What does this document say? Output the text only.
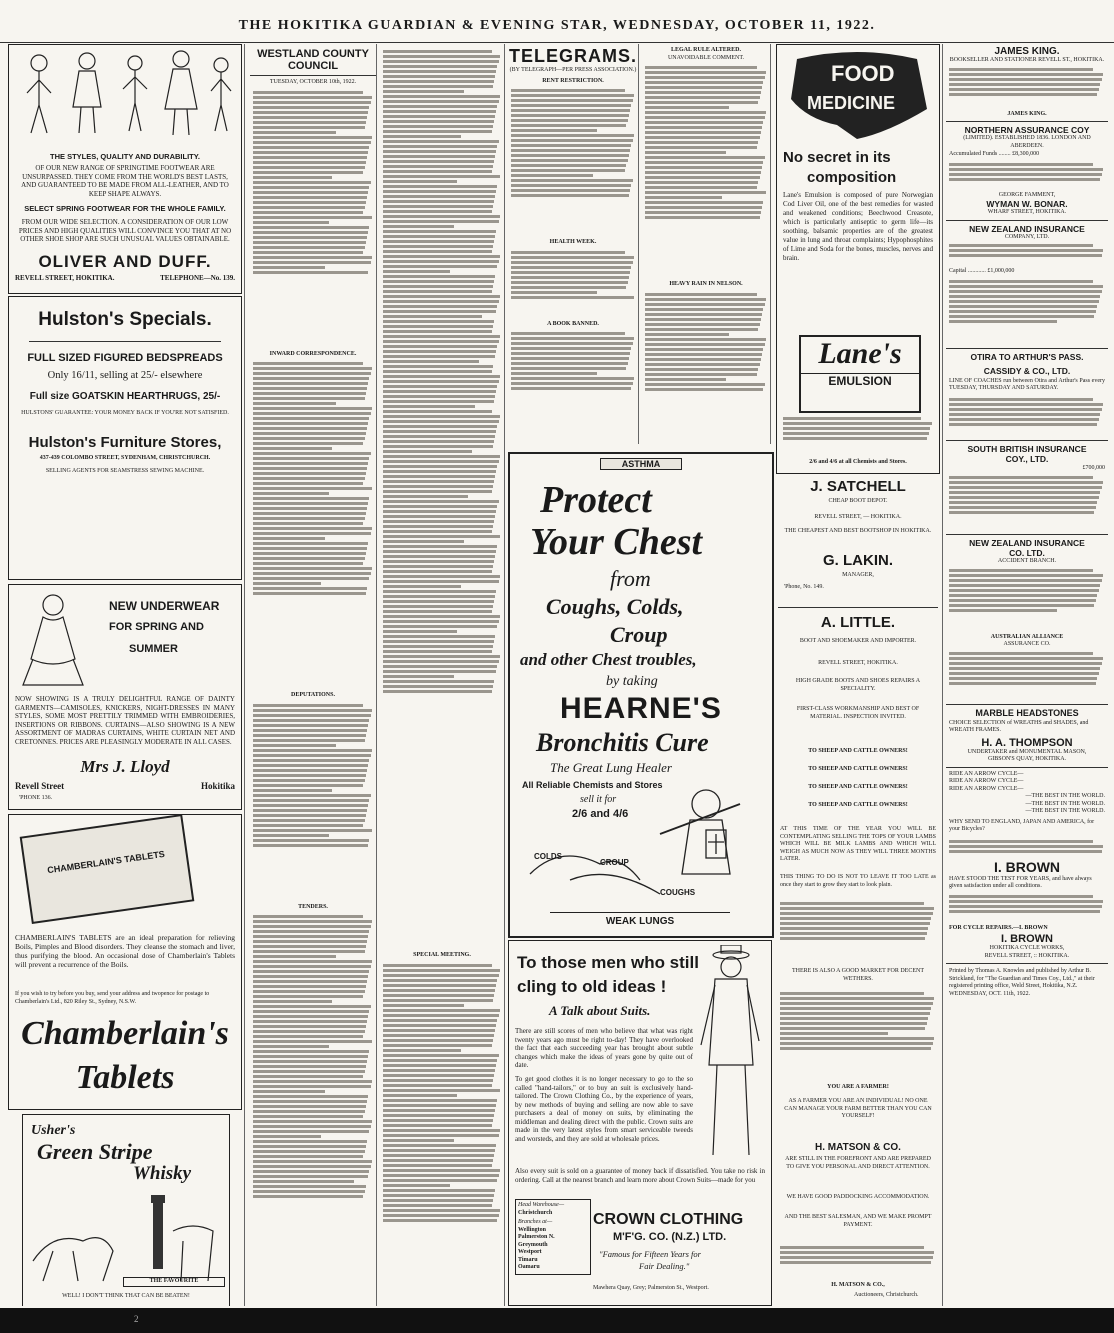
THE HOKITIKA GUARDIAN & EVENING STAR, WEDNESDAY, OCTOBER 11, 1922.
THE STYLES, QUALITY AND DURABILITY.
OF OUR NEW RANGE OF SPRINGTIME FOOTWEAR ARE UNSURPASSED. THEY COME FROM THE WORLD'S BEST LASTS, AND GUARANTEED TO BE MADE FROM ALL-LEATHER, AND TO KEEP SHAPE ALWAYS.
SELECT SPRING FOOTWEAR FOR THE WHOLE FAMILY.
FROM OUR WIDE SELECTION. A CONSIDERATION OF OUR LOW PRICES AND HIGH QUALITIES WILL CONVINCE YOU THAT AT NO OTHER SHOE SHOP ARE SUCH UNUSUAL VALUES OBTAINABLE.
OLIVER AND DUFF.
REVELL STREET, HOKITIKA.	TELEPHONE—No. 139.
Hulston's Specials.
FULL SIZED FIGURED BEDSPREADS
Only 16/11, selling at 25/- elsewhere
Full size GOATSKIN HEARTHRUGS, 25/-
HULSTONS' GUARANTEE: YOUR MONEY BACK IF YOU'RE NOT SATISFIED.
Hulston's Furniture Stores,
437-439 COLOMBO STREET, SYDENHAM, CHRISTCHURCH.
SELLING AGENTS FOR SEAMSTRESS SEWING MACHINE.
NEW UNDERWEAR
FOR SPRING AND
SUMMER
NOW SHOWING IS A TRULY DELIGHTFUL RANGE OF DAINTY GARMENTS—CAMISOLES, KNICKERS, NIGHT-DRESSES IN MANY STYLES, SOME MOST PRETTILY TRIMMED WITH EMBROIDERIES, INSERTIONS OR RIBBONS. CURTAINS—ALSO SHOWING IS A NEW ASSORTMENT OF MADRAS CURTAINS, WHITE CURTAIN NET AND CRETONNES. PRICES ARE PLEASINGLY MODERATE IN ALL CASES.
Mrs J. Lloyd
Revell Street	Hokitika
'PHONE 136.
CHAMBERLAIN'S TABLETS
CHAMBERLAIN'S TABLETS are an ideal preparation for relieving Boils, Pimples and Blood disorders. They cleanse the stomach and liver, thus purifying the blood. An occasional dose of Chamberlain's Tablets will prevent a recurrence of the Boils.
If you wish to try before you buy, send your address and twopence for postage to Chamberlain's Ltd., 820 Riley St., Sydney, N.S.W.
Chamberlain's
Tablets
Usher's
Green Stripe
Whisky
THE FAVOURITE
WELL! I DON'T THINK THAT CAN BE BEATEN!
WESTLAND COUNTY COUNCIL
TUESDAY, OCTOBER 10th, 1922.
INWARD CORRESPONDENCE.
DEPUTATIONS.
TENDERS.
SPECIAL MEETING.
TELEGRAMS.
(BY TELEGRAPH—PER PRESS ASSOCIATION.)
RENT RESTRICTION.
HEALTH WEEK.
A BOOK BANNED.
LEGAL RULE ALTERED.
UNAVOIDABLE COMMENT.
HEAVY RAIN IN NELSON.
ASTHMA
Protect
Your Chest
from
Coughs, Colds,
Croup
and other Chest troubles,
by taking
HEARNE'S
Bronchitis Cure
The Great Lung Healer
All Reliable Chemists and Stores
sell it for
2/6 and 4/6
COLDS
CROUP
COUGHS
WEAK LUNGS
To those men who still
cling to old ideas !
A Talk about Suits.
There are still scores of men who believe that what was right twenty years ago must be right to-day! They have overlooked the fact that each succeeding year has brought about subtle changes which make the ideas of years gone by quite out of date.
To get good clothes it is no longer necessary to go to the so called "hand-tailors," or to buy an suit is exclusively hand-tailored. The Crown Clothing Co., by the experience of years, by new methods of buying and selling are now able to save purchasers a deal of money on suits, by eliminating the middleman and dealing direct with the public. Crown suits are made in the very latest styles from smart serviceable tweeds and worsteds, and they are sold at wholesale prices.
Also every suit is sold on a guarantee of money back if dissatisfied. You take no risk in ordering. Call at the nearest branch and learn more about Crown Suits—made for you
Head Warehouse—
Christchurch
Branches at—
Wellington
Palmerston N.
Greymouth
Westport
Timaru
Oamaru
CROWN CLOTHING
M'F'G. CO. (N.Z.) LTD.
"Famous for Fifteen Years for
Fair Dealing."
Mawhera Quay, Grey; Palmerston St., Westport.
FOOD
MEDICINE
No secret in its
composition
Lane's Emulsion is composed of pure Norwegian Cod Liver Oil, one of the best remedies for wasted and weakened conditions; Beechwood Creasote, which is particularly antiseptic to germ life—its soothing, balsamic properties are of the greatest value in lung and throat complaints; Hypophosphites of Lime and Soda for the bones, muscles, nerves and brain.
Lane's
EMULSION
2/6 and 4/6 at all Chemists and Stores.
J. SATCHELL
CHEAP BOOT DEPOT.
REVELL STREET, — HOKITIKA.
THE CHEAPEST AND BEST BOOTSHOP IN HOKITIKA.
G. LAKIN.
MANAGER,
'Phone, No. 149.
A. LITTLE.
BOOT AND SHOEMAKER AND IMPORTER.
REVELL STREET, HOKITIKA.
HIGH GRADE BOOTS AND SHOES REPAIRS A SPECIALITY.
FIRST-CLASS WORKMANSHIP AND BEST OF MATERIAL. INSPECTION INVITED.
TO SHEEP AND CATTLE OWNERS!
TO SHEEP AND CATTLE OWNERS!
TO SHEEP AND CATTLE OWNERS!
TO SHEEP AND CATTLE OWNERS!
AT THIS TIME OF THE YEAR YOU WILL BE CONTEMPLATING SELLING THE TOPS OF YOUR LAMBS WHICH WILL BE MILK LAMBS AND WHICH WILL WEIGH AS MUCH NOW AS THEY WILL THREE MONTHS LATER.
THIS THING TO DO IS NOT TO LEAVE IT TOO LATE as once they start to grow they start to look plain.
THERE IS ALSO A GOOD MARKET FOR DECENT WETHERS.
YOU ARE A FARMER!
AS A FARMER YOU ARE AN INDIVIDUAL! NO ONE CAN MANAGE YOUR FARM BETTER THAN YOU CAN YOURSELF!
H. MATSON & CO.
ARE STILL IN THE FOREFRONT AND ARE PREPARED TO GIVE YOU PERSONAL AND DIRECT ATTENTION.
WE HAVE GOOD PADDOCKING ACCOMMODATION.
AND THE BEST SALESMAN, AND WE MAKE PROMPT PAYMENT.
H. MATSON & CO.,
Auctioneers, Christchurch.
JAMES KING.
BOOKSELLER AND STATIONER REVELL ST., HOKITIKA.
JAMES KING.
NORTHERN ASSURANCE COY
(LIMITED). ESTABLISHED 1836. LONDON AND ABERDEEN.
Accumulated Funds ........ £8,300,000
GEORGE FAMMENT,
WYMAN W. BONAR.
WHARF STREET, HOKITIKA.
NEW ZEALAND INSURANCE
COMPANY, LTD.
Capital ............ £1,000,000
OTIRA TO ARTHUR'S PASS.
CASSIDY & CO., LTD.
LINE OF COACHES run between Otira and Arthur's Pass every TUESDAY, THURSDAY AND SATURDAY.
SOUTH BRITISH INSURANCE
COY., LTD.
£700,000
NEW ZEALAND INSURANCE
CO. LTD.
ACCIDENT BRANCH.
AUSTRALIAN ALLIANCE
ASSURANCE CO.
MARBLE HEADSTONES
CHOICE SELECTION of WREATHS and SHADES, and WREATH FRAMES.
H. A. THOMPSON
UNDERTAKER and MONUMENTAL MASON,
GIBSON'S QUAY, HOKITIKA.
RIDE AN ARROW CYCLE—
RIDE AN ARROW CYCLE—
RIDE AN ARROW CYCLE—
—THE BEST IN THE WORLD.
—THE BEST IN THE WORLD.
—THE BEST IN THE WORLD.
WHY SEND TO ENGLAND, JAPAN AND AMERICA, for your Bicycles?
I. BROWN
HAVE STOOD THE TEST FOR YEARS, and have always given satisfaction under all conditions.
FOR CYCLE REPAIRS.—I. BROWN
I. BROWN
HOKITIKA CYCLE WORKS,
REVELL STREET, :: HOKITIKA.
Printed by Thomas A. Knowles and published by Arthur B. Strickland, for "The Guardian and Times Coy., Ltd.," at their registered printing office, Weld Street, Hokitika, N.Z. WEDNESDAY, OCT. 11th, 1922.
2
